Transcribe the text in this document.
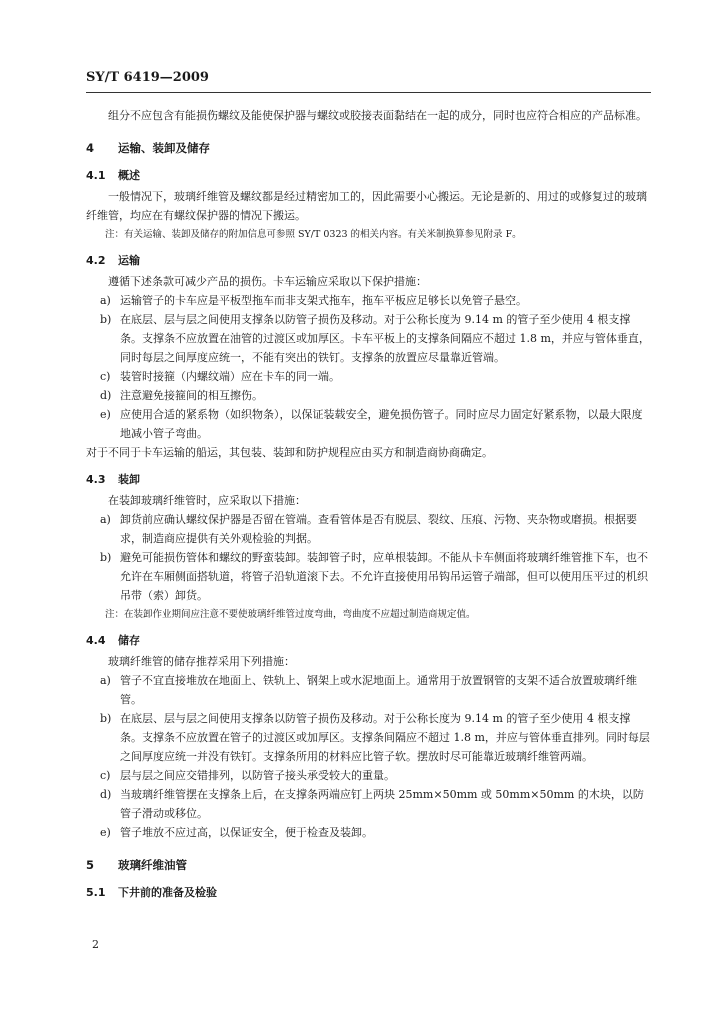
SY/T 6419—2009

组分不应包含有能损伤螺纹及能使保护器与螺纹或胶接表面黏结在一起的成分，同时也应符合相应的产品标准。

4 运输、装卸及储存
4.1 概述

一般情况下，玻璃纤维管及螺纹都是经过精密加工的，因此需要小心搬运。无论是新的、用过的或修复过的玻璃纤维管，均应在有螺纹保护器的情况下搬运。

注：有关运输、装卸及储存的附加信息可参照 SY/T 0323 的相关内容。有关米制换算参见附录 F。

4.2 运输

遵循下述条款可减少产品的损伤。卡车运输应采取以下保护措施：

a) 运输管子的卡车应是平板型拖车而非支架式拖车，拖车平板应足够长以免管子悬空。
b) 在底层、层与层之间使用支撑条以防管子损伤及移动。对于公称长度为 9.14 m 的管子至少使用 4 根支撑条。支撑条不应放置在油管的过渡区或加厚区。卡车平板上的支撑条间隔应不超过 1.8 m，并应与管体垂直，同时每层之间厚度应统一，不能有突出的铁钉。支撑条的放置应尽量靠近管端。
c) 装管时接箍（内螺纹端）应在卡车的同一端。
d) 注意避免接箍间的相互擦伤。
e) 应使用合适的紧系物（如织物条），以保证装载安全，避免损伤管子。同时应尽力固定好紧系物，以最大限度地减小管子弯曲。

对于不同于卡车运输的船运，其包装、装卸和防护规程应由买方和制造商协商确定。

4.3 装卸

在装卸玻璃纤维管时，应采取以下措施：

a) 卸货前应确认螺纹保护器是否留在管端。查看管体是否有脱层、裂纹、压痕、污物、夹杂物或磨损。根据要求，制造商应提供有关外观检验的判据。
b) 避免可能损伤管体和螺纹的野蛮装卸。装卸管子时，应单根装卸。不能从卡车侧面将玻璃纤维管推下车，也不允许在车厢侧面搭轨道，将管子沿轨道滚下去。不允许直接使用吊钩吊运管子端部，但可以使用压平过的机织吊带（索）卸货。

注：在装卸作业期间应注意不要使玻璃纤维管过度弯曲，弯曲度不应超过制造商规定值。

4.4 储存

玻璃纤维管的储存推荐采用下列措施：

a) 管子不宜直接堆放在地面上、铁轨上、钢架上或水泥地面上。通常用于放置钢管的支架不适合放置玻璃纤维管。
b) 在底层、层与层之间使用支撑条以防管子损伤及移动。对于公称长度为 9.14 m 的管子至少使用 4 根支撑条。支撑条不应放置在管子的过渡区或加厚区。支撑条间隔应不超过 1.8 m，并应与管体垂直排列。同时每层之间厚度应统一并没有铁钉。支撑条所用的材料应比管子软。摆放时尽可能靠近玻璃纤维管两端。
c) 层与层之间应交错排列，以防管子接头承受较大的重量。
d) 当玻璃纤维管摆在支撑条上后，在支撑条两端应钉上两块 25mm×50mm 或 50mm×50mm 的木块，以防管子滑动或移位。
e) 管子堆放不应过高，以保证安全，便于检查及装卸。
5 玻璃纤维油管
5.1 下井前的准备及检验
2
